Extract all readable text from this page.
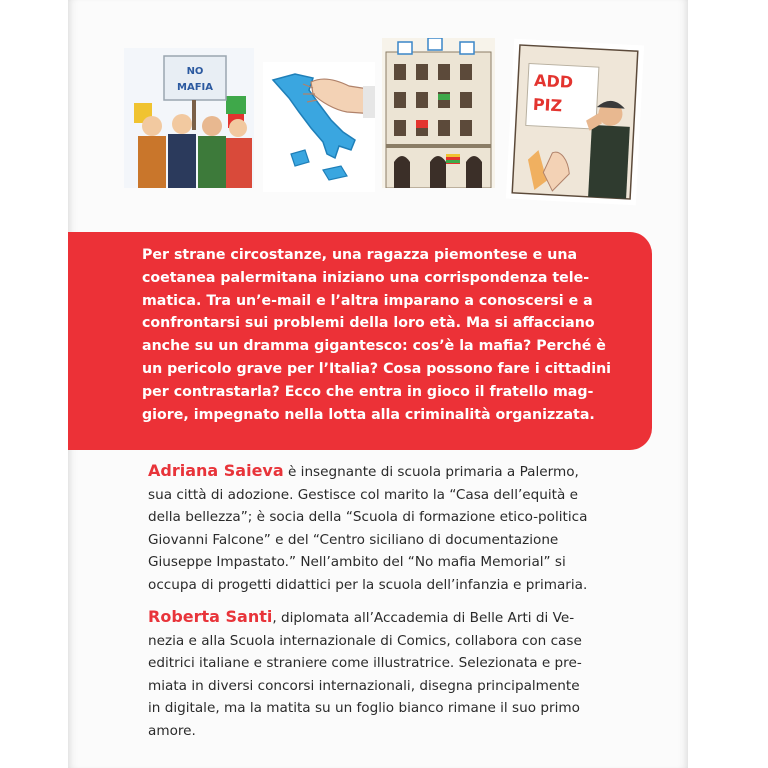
NO
MAFIA	ADD
PIZ

Per strane circostanze, una ragazza piemontese e una
coetanea palermitana iniziano una corrispondenza tele-
matica. Tra un’e-mail e l’altra imparano a conoscersi e a
confrontarsi sui problemi della loro età. Ma si affacciano
anche su un dramma gigantesco: cos’è la mafia? Perché è
un pericolo grave per l’Italia? Cosa possono fare i cittadini
per contrastarla? Ecco che entra in gioco il fratello mag-
giore, impegnato nella lotta alla criminalità organizzata.

Adriana Saieva è insegnante di scuola primaria a Palermo,
sua città di adozione. Gestisce col marito la “Casa dell’equità e
della bellezza”; è socia della “Scuola di formazione etico-politica
Giovanni Falcone” e del “Centro siciliano di documentazione
Giuseppe Impastato.” Nell’ambito del “No mafia Memorial” si
occupa di progetti didattici per la scuola dell’infanzia e primaria.

Roberta Santi, diplomata all’Accademia di Belle Arti di Ve-
nezia e alla Scuola internazionale di Comics, collabora con case
editrici italiane e straniere come illustratrice. Selezionata e pre-
miata in diversi concorsi internazionali, disegna principalmente
in digitale, ma la matita su un foglio bianco rimane il suo primo
amore.
